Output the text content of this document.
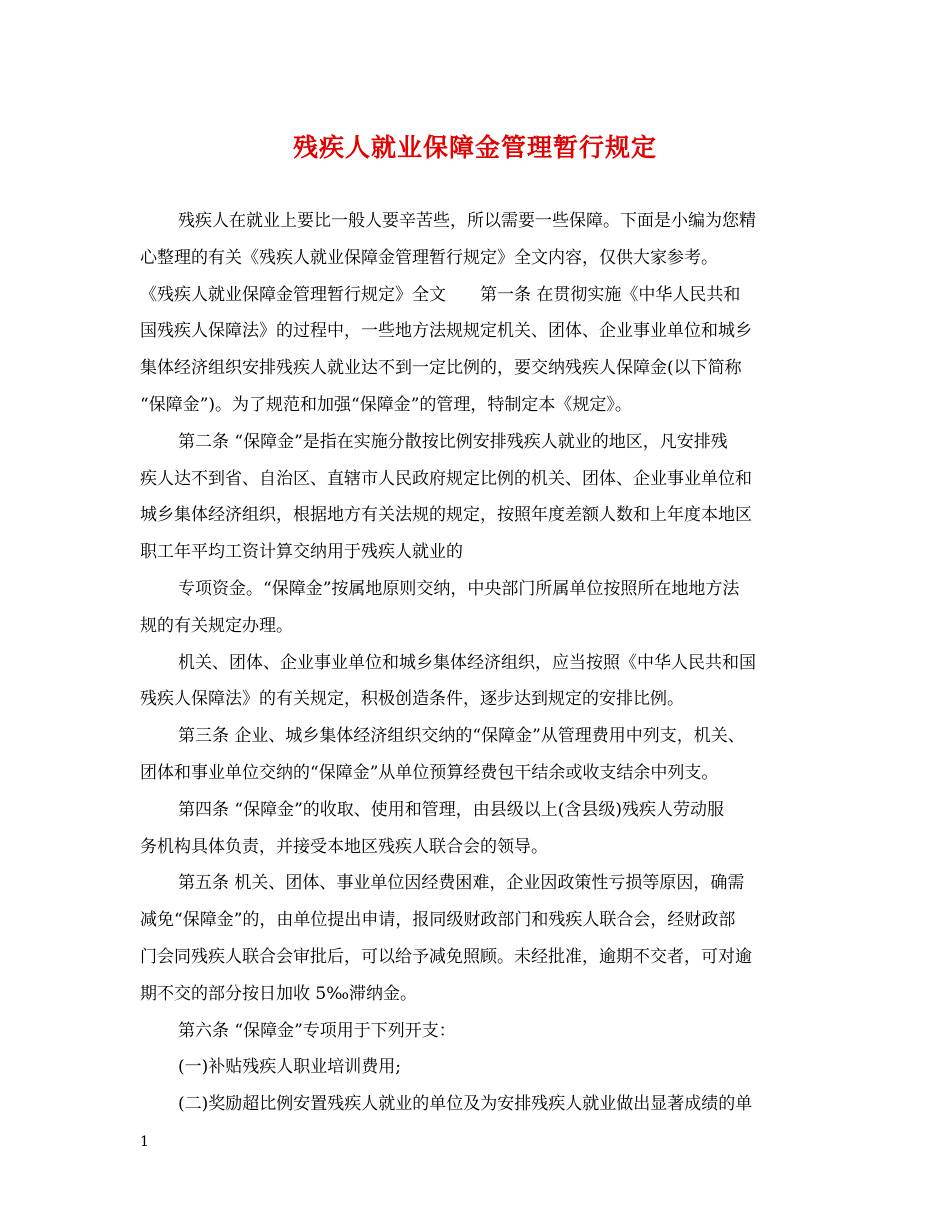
残疾人就业保障金管理暂行规定
残疾人在就业上要比一般人要辛苦些，所以需要一些保障。下面是小编为您精
心整理的有关《残疾人就业保障金管理暂行规定》全文内容，仅供大家参考。
《残疾人就业保障金管理暂行规定》全文　　第一条 在贯彻实施《中华人民共和
国残疾人保障法》的过程中，一些地方法规规定机关、团体、企业事业单位和城乡
集体经济组织安排残疾人就业达不到一定比例的，要交纳残疾人保障金(以下简称
“保障金”)。为了规范和加强“保障金”的管理，特制定本《规定》。
第二条 “保障金”是指在实施分散按比例安排残疾人就业的地区，凡安排残
疾人达不到省、自治区、直辖市人民政府规定比例的机关、团体、企业事业单位和
城乡集体经济组织，根据地方有关法规的规定，按照年度差额人数和上年度本地区
职工年平均工资计算交纳用于残疾人就业的
专项资金。“保障金”按属地原则交纳，中央部门所属单位按照所在地地方法
规的有关规定办理。
机关、团体、企业事业单位和城乡集体经济组织，应当按照《中华人民共和国
残疾人保障法》的有关规定，积极创造条件，逐步达到规定的安排比例。
第三条 企业、城乡集体经济组织交纳的“保障金”从管理费用中列支，机关、
团体和事业单位交纳的“保障金”从单位预算经费包干结余或收支结余中列支。
第四条 “保障金”的收取、使用和管理，由县级以上(含县级)残疾人劳动服
务机构具体负责，并接受本地区残疾人联合会的领导。
第五条 机关、团体、事业单位因经费困难，企业因政策性亏损等原因，确需
减免“保障金”的，由单位提出申请，报同级财政部门和残疾人联合会，经财政部
门会同残疾人联合会审批后，可以给予减免照顾。未经批准，逾期不交者，可对逾
期不交的部分按日加收 5‰滞纳金。
第六条 “保障金”专项用于下列开支：
(一)补贴残疾人职业培训费用;
(二)奖励超比例安置残疾人就业的单位及为安排残疾人就业做出显著成绩的单
1
